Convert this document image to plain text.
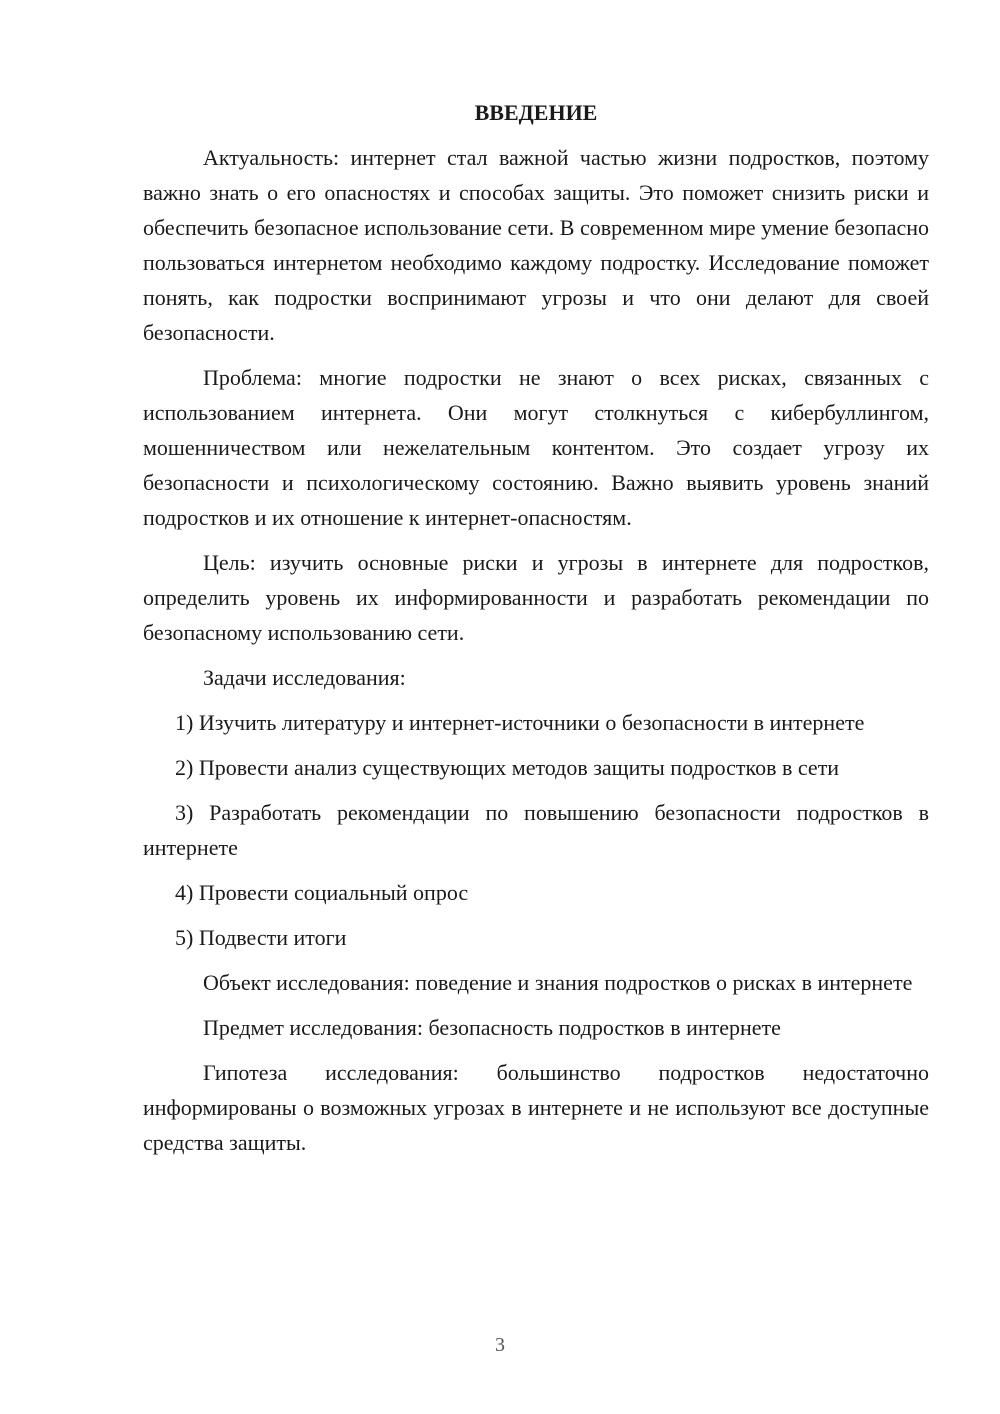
ВВЕДЕНИЕ

Актуальность: интернет стал важной частью жизни подростков, поэтому важно знать о его опасностях и способах защиты. Это поможет снизить риски и обеспечить безопасное использование сети. В современном мире умение безопасно пользоваться интернетом необходимо каждому подростку. Исследование поможет понять, как подростки воспринимают угрозы и что они делают для своей безопасности.

Проблема: многие подростки не знают о всех рисках, связанных с использованием интернета. Они могут столкнуться с кибербуллингом, мошенничеством или нежелательным контентом. Это создает угрозу их безопасности и психологическому состоянию. Важно выявить уровень знаний подростков и их отношение к интернет-опасностям.

Цель: изучить основные риски и угрозы в интернете для подростков, определить уровень их информированности и разработать рекомендации по безопасному использованию сети.

Задачи исследования:

1) Изучить литературу и интернет-источники о безопасности в интернете

2) Провести анализ существующих методов защиты подростков в сети

3) Разработать рекомендации по повышению безопасности подростков в интернете

4) Провести социальный опрос

5) Подвести итоги

Объект исследования: поведение и знания подростков о рисках в интернете

Предмет исследования: безопасность подростков в интернете

Гипотеза исследования: большинство подростков недостаточно информированы о возможных угрозах в интернете и не используют все доступные средства защиты.

3
